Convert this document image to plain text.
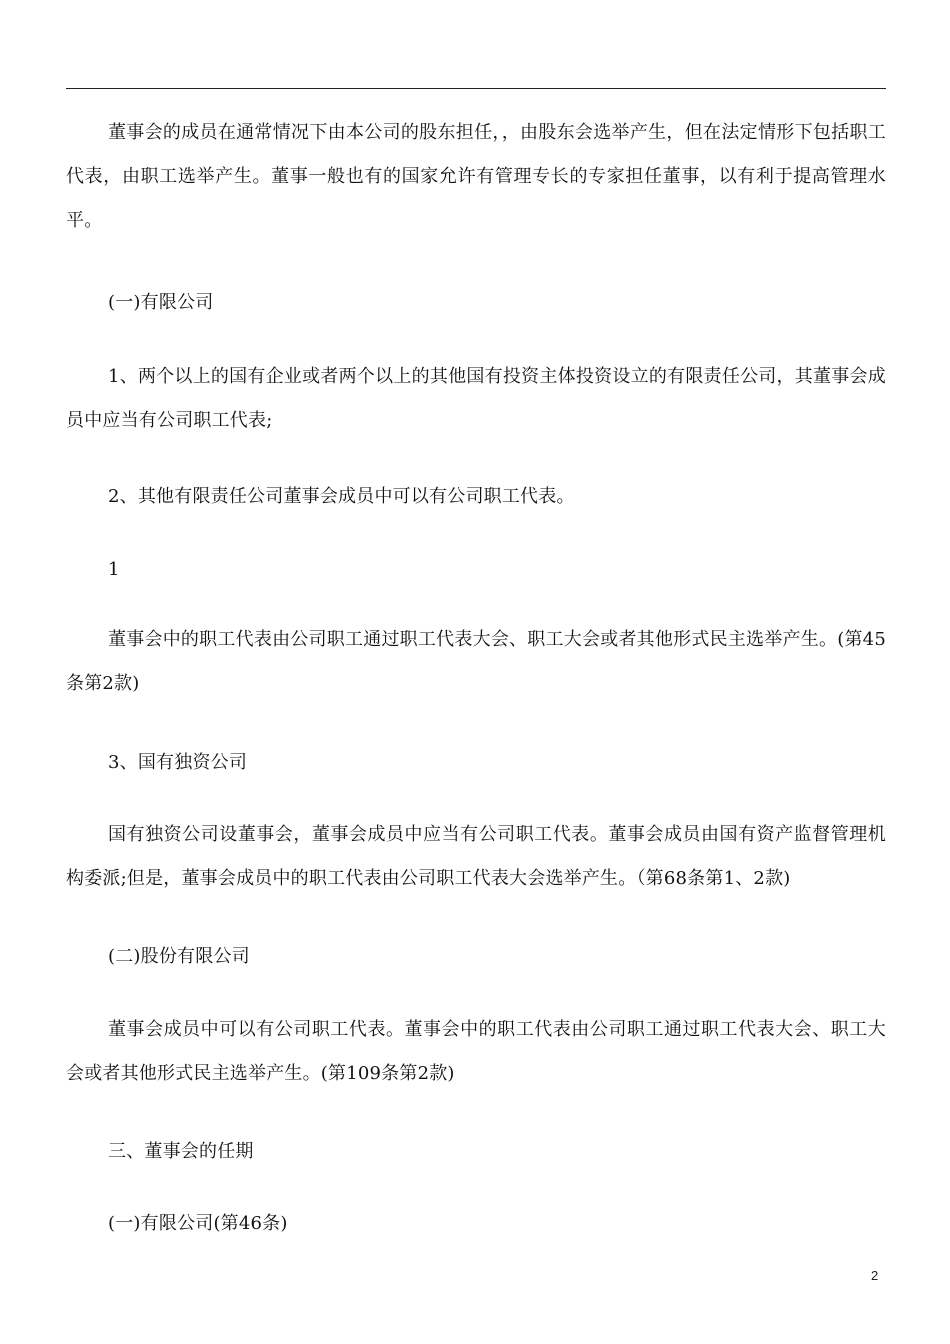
董事会的成员在通常情况下由本公司的股东担任，，由股东会选举产生，但在法定情形下包括职工代表，由职工选举产生。董事一般也有的国家允许有管理专长的专家担任董事，以有利于提高管理水平。

(一)有限公司

1、两个以上的国有企业或者两个以上的其他国有投资主体投资设立的有限责任公司，其董事会成员中应当有公司职工代表;

2、其他有限责任公司董事会成员中可以有公司职工代表。

1

董事会中的职工代表由公司职工通过职工代表大会、职工大会或者其他形式民主选举产生。(第45条第2款)

3、国有独资公司

国有独资公司设董事会，董事会成员中应当有公司职工代表。董事会成员由国有资产监督管理机构委派;但是，董事会成员中的职工代表由公司职工代表大会选举产生。（第68条第1、2款)

(二)股份有限公司

董事会成员中可以有公司职工代表。董事会中的职工代表由公司职工通过职工代表大会、职工大会或者其他形式民主选举产生。(第109条第2款)

三、董事会的任期

(一)有限公司(第46条)

2
